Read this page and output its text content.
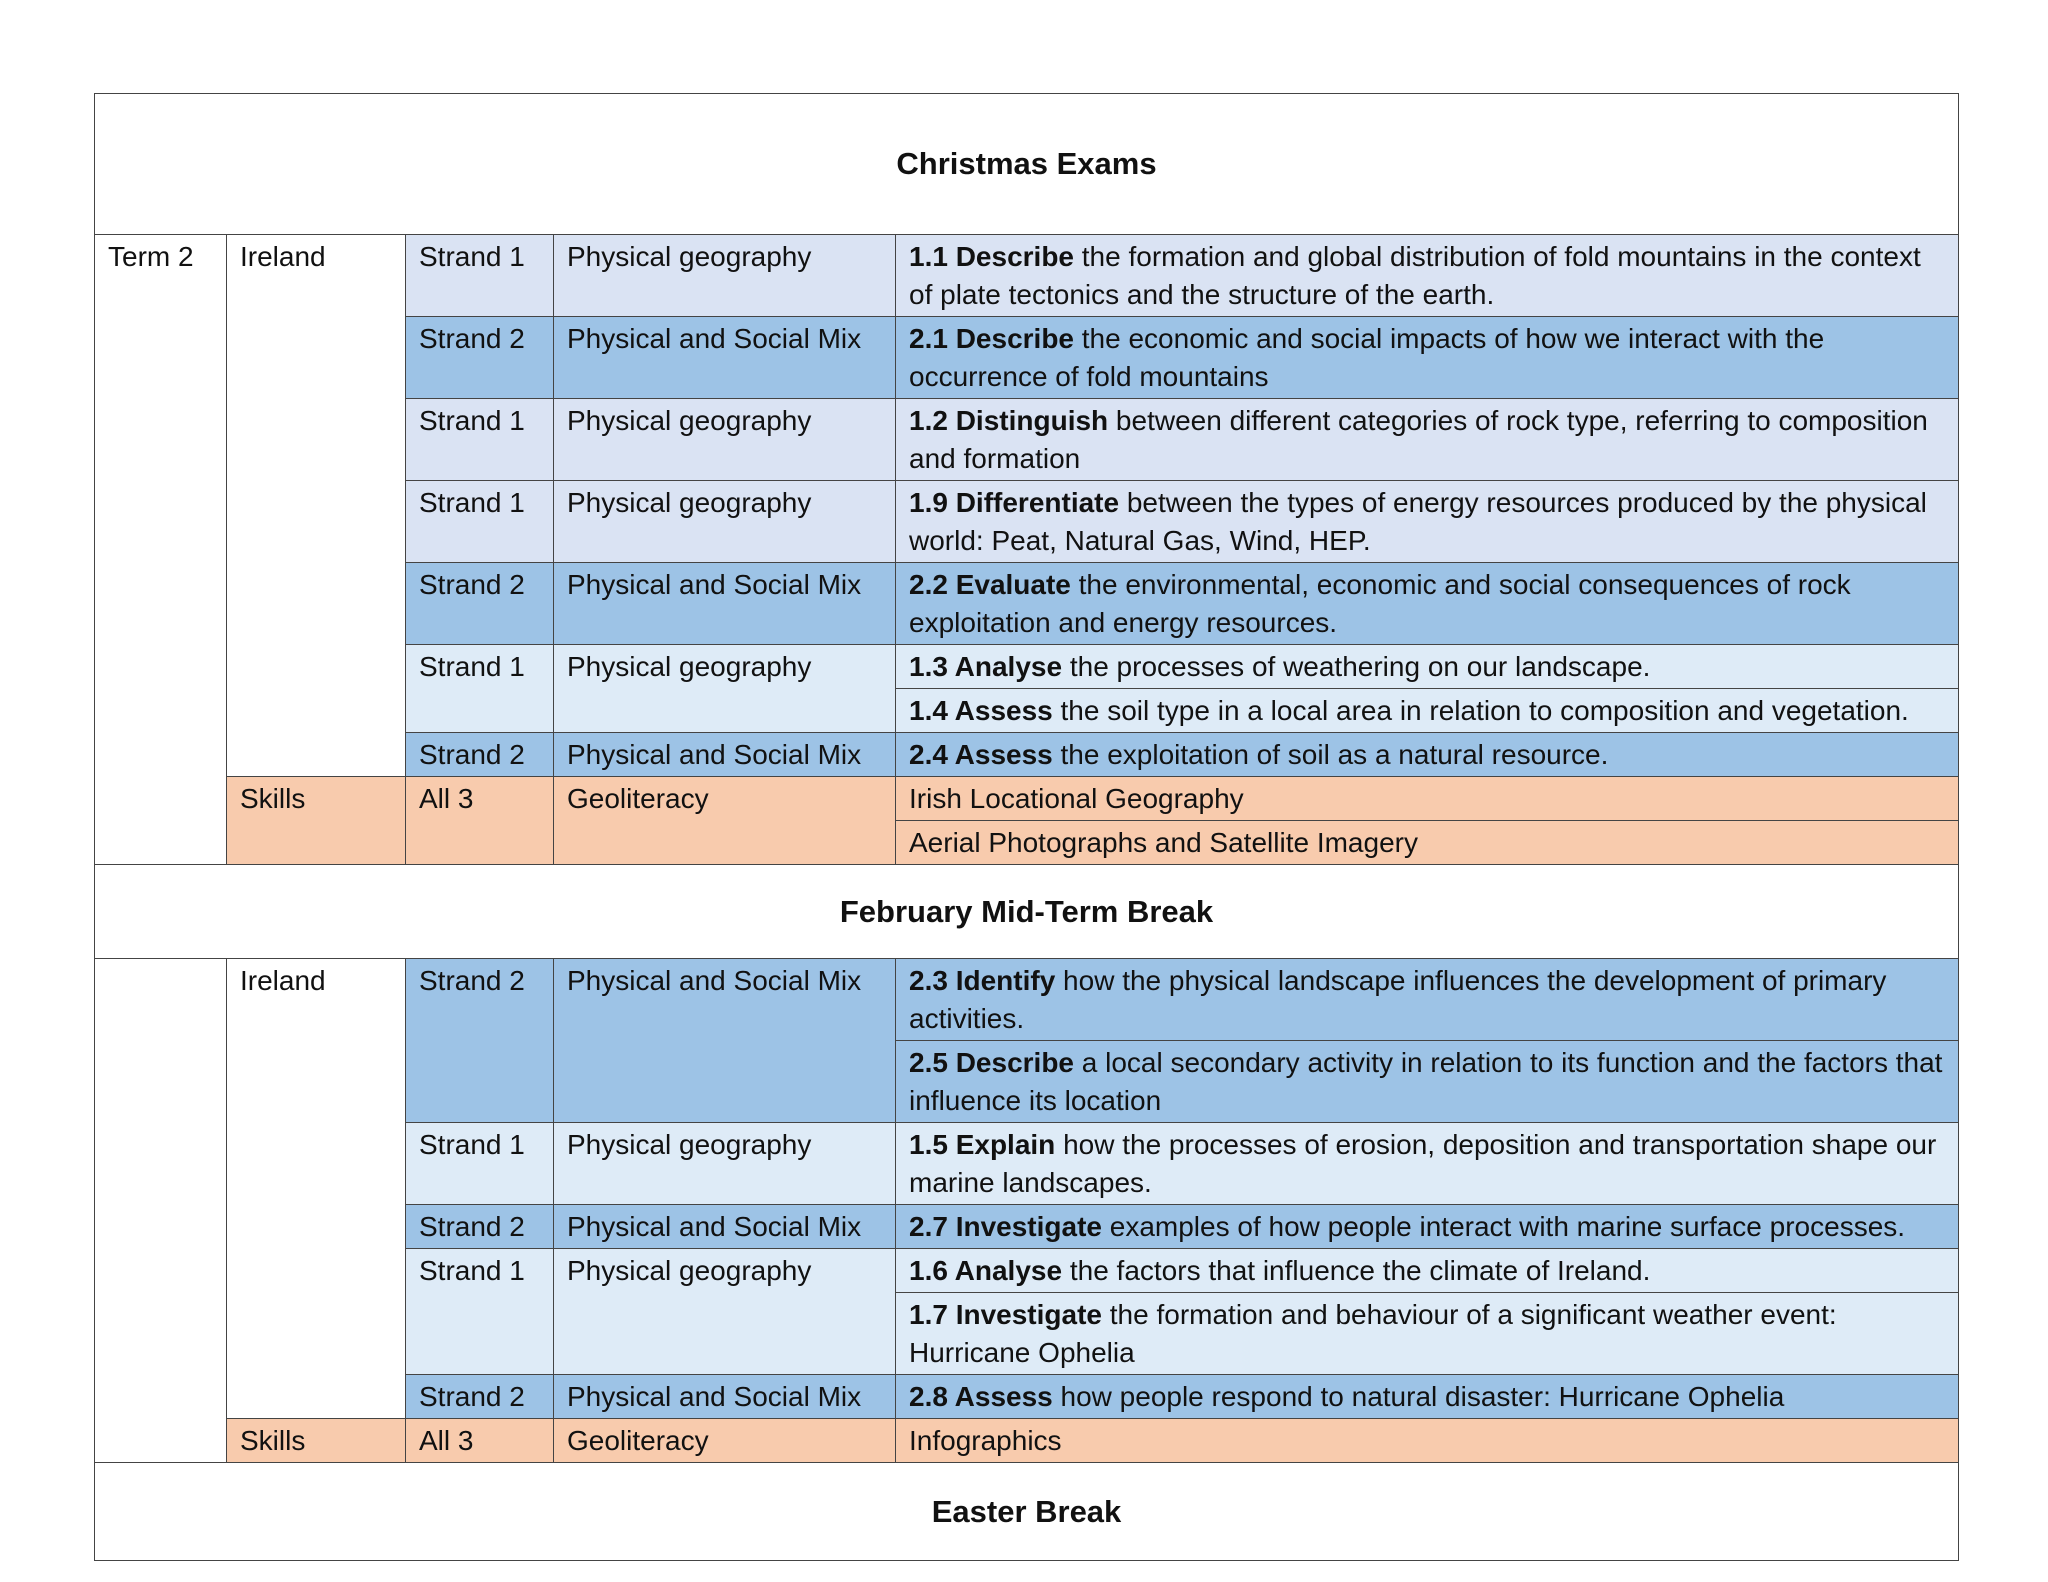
Christmas Exams				
Term 2	Ireland	Strand 1	Physical geography	1.1 Describe the formation and global distribution of fold mountains in the context of plate tectonics and the structure of the earth.
		Strand 2	Physical and Social Mix	2.1 Describe the economic and social impacts of how we interact with the occurrence of fold mountains
		Strand 1	Physical geography	1.2 Distinguish between different categories of rock type, referring to composition and formation
		Strand 1	Physical geography	1.9 Differentiate between the types of energy resources produced by the physical world: Peat, Natural Gas, Wind, HEP.
		Strand 2	Physical and Social Mix	2.2 Evaluate the environmental, economic and social consequences of rock exploitation and energy resources.
		Strand 1	Physical geography	1.3 Analyse the processes of weathering on our landscape.
				1.4 Assess the soil type in a local area in relation to composition and vegetation.
		Strand 2	Physical and Social Mix	2.4 Assess the exploitation of soil as a natural resource.
	Skills	All 3	Geoliteracy	Irish Locational Geography
				Aerial Photographs and Satellite Imagery
February Mid-Term Break				
	Ireland	Strand 2	Physical and Social Mix	2.3 Identify how the physical landscape influences the development of primary activities.
				2.5 Describe a local secondary activity in relation to its function and the factors that influence its location
		Strand 1	Physical geography	1.5 Explain how the processes of erosion, deposition and transportation shape our marine landscapes.
		Strand 2	Physical and Social Mix	2.7 Investigate examples of how people interact with marine surface processes.
		Strand 1	Physical geography	1.6 Analyse the factors that influence the climate of Ireland.
				1.7 Investigate the formation and behaviour of a significant weather event: Hurricane Ophelia
		Strand 2	Physical and Social Mix	2.8 Assess how people respond to natural disaster: Hurricane Ophelia
	Skills	All 3	Geoliteracy	Infographics
Easter Break				
